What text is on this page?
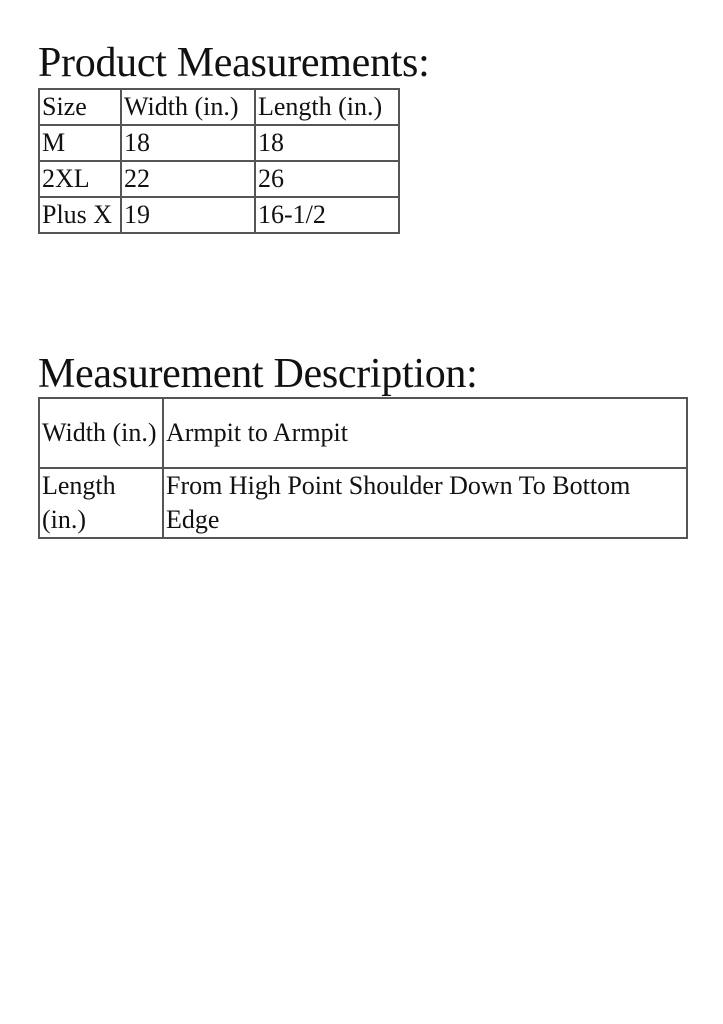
Product Measurements:
Size	Width (in.)	Length (in.)
M	18	18
2XL	22	26
Plus X	19	16-1/2
Measurement Description:
Width (in.)	Armpit to Armpit
Length (in.)	From High Point Shoulder Down To Bottom Edge
